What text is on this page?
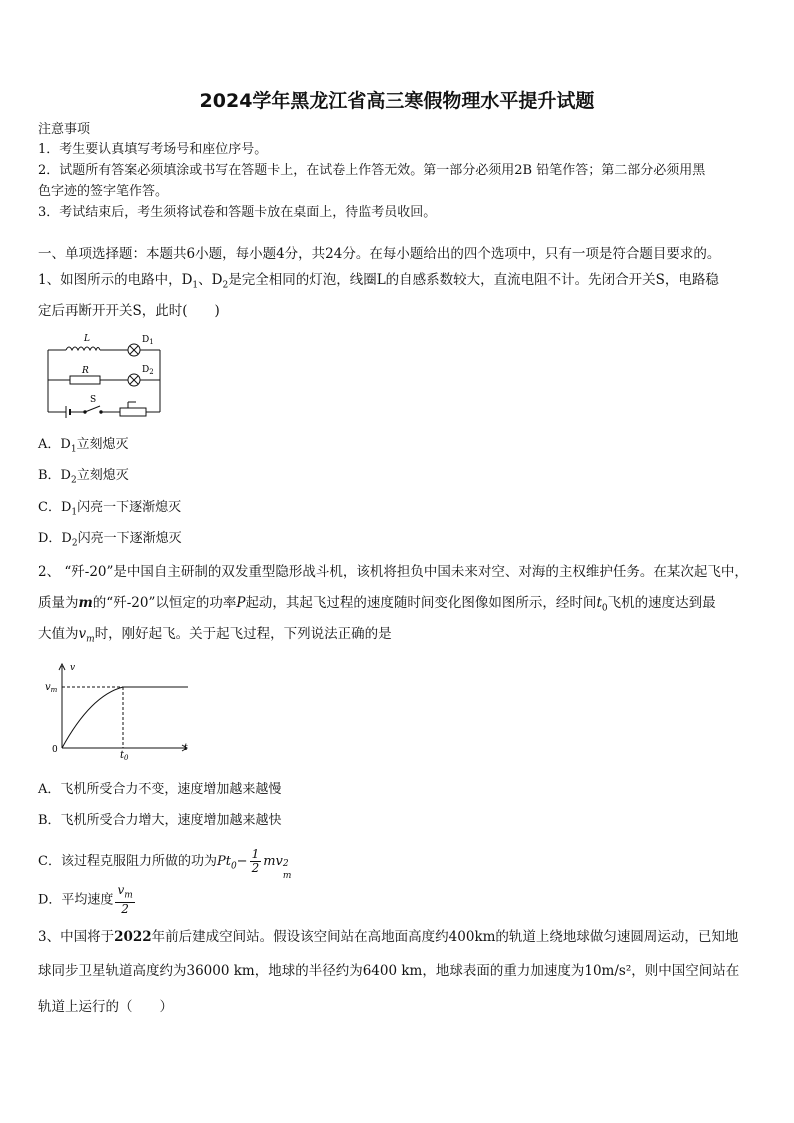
2024学年黑龙江省高三寒假物理水平提升试题
注意事项
1．考生要认真填写考场号和座位序号。
2．试题所有答案必须填涂或书写在答题卡上，在试卷上作答无效。第一部分必须用2B 铅笔作答；第二部分必须用黑
色字迹的签字笔作答。
3．考试结束后，考生须将试卷和答题卡放在桌面上，待监考员收回。
一、单项选择题：本题共6小题，每小题4分，共24分。在每小题给出的四个选项中，只有一项是符合题目要求的。
1、如图所示的电路中，$D_1$、$D_2$是完全相同的灯泡，线圈L的自感系数较大，直流电阻不计。先闭合开关S，电路稳
定后再断开开关S，此时(　　)
L	$D_1$
R	$D_2$
S
A．$D_1$立刻熄灭
B．$D_2$立刻熄灭
C．$D_1$闪亮一下逐渐熄灭
D．$D_2$闪亮一下逐渐熄灭
2、 “歼-20”是中国自主研制的双发重型隐形战斗机，该机将担负中国未来对空、对海的主权维护任务。在某次起飞中，
质量为m的“歼-20”以恒定的功率P起动，其起飞过程的速度随时间变化图像如图所示，经时间$t_0$飞机的速度达到最
大值为$v_m$时，刚好起飞。关于起飞过程，下列说法正确的是
v
t
$v_m$
0	$t_0$
A．飞机所受合力不变，速度增加越来越慢
B．飞机所受合力增大，速度增加越来越快
C．该过程克服阻力所做的功为$Pt_0- \frac{1}{2}$ mv 2
m
D．平均速度 $\frac{v_m}{2}$
3、中国将于2022年前后建成空间站。假设该空间站在高地面高度约400km的轨道上绕地球做匀速圆周运动，已知地
球同步卫星轨道高度约为36000 km，地球的半径约为6400 km，地球表面的重力加速度为10m/s²，则中国空间站在
轨道上运行的（　　）
